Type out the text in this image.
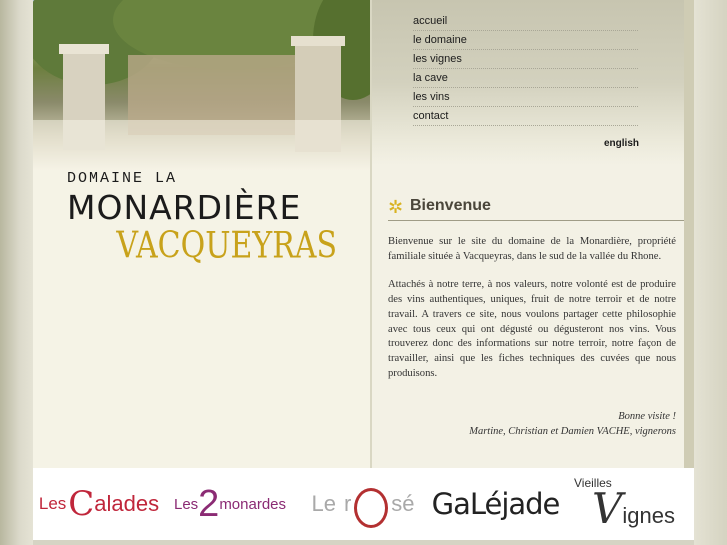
DOMAINE LA
MONARDIÈRE
VACQUEYRAS
accueil
le domaine
les vignes
la cave
les vins
contact
english
✲ Bienvenue

Bienvenue sur le site du domaine de la Monardière, propriété familiale située à Vacqueyras, dans le sud de la vallée du Rhone.

Attachés à notre terre, à nos valeurs, notre volonté est de produire des vins authentiques, uniques, fruit de notre terroir et de notre travail. A travers ce site, nous voulons partager cette philosophie avec tous ceux qui ont dégusté ou dégusteront nos vins. Vous trouverez donc des informations sur notre terroir, notre façon de travailler, ainsi que les fiches techniques des cuvées que nous produisons.

Bonne visite !
Martine, Christian et Damien VACHE, vignerons
Les C alades Les 2 monardes Le r sé GaLéjade
Vieilles
Vignes
